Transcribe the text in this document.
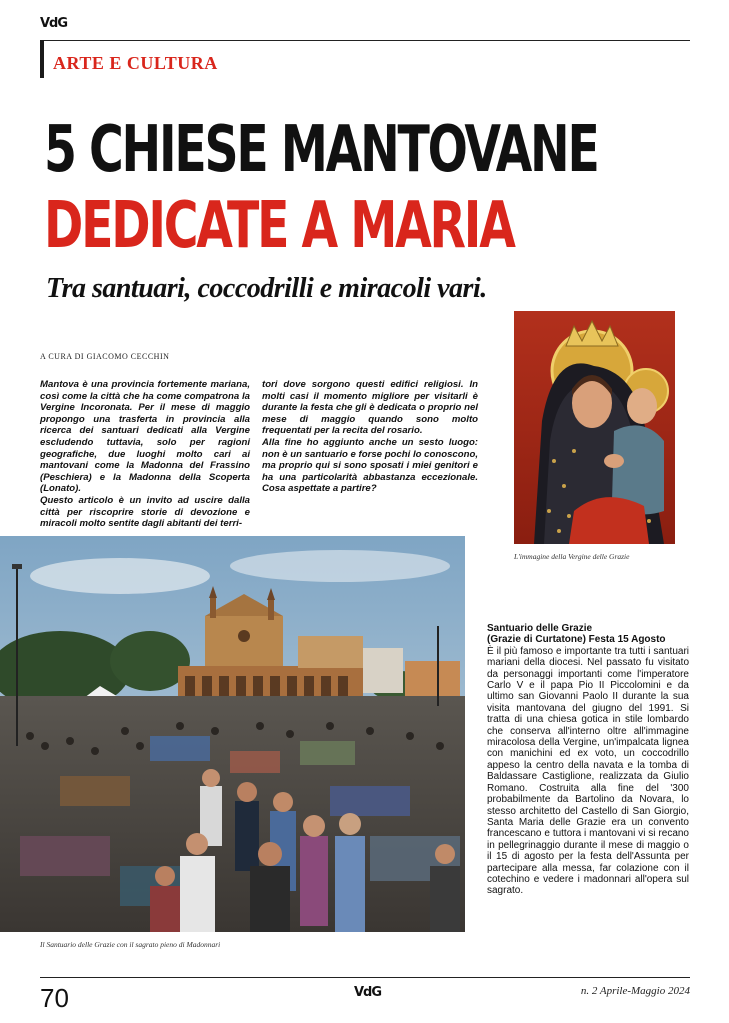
VdG
ARTE E CULTURA
5 CHIESE MANTOVANE
DEDICATE A MARIA
Tra santuari, coccodrilli e miracoli vari.
A CURA DI GIACOMO CECCHIN

Mantova è una provincia fortemente mariana, così come la città che ha come compatrona la Vergine Incoronata. Per il mese di maggio propongo una trasferta in provincia alla ricerca dei santuari dedicati alla Vergine escludendo tuttavia, solo per ragioni geografiche, due luoghi molto cari ai mantovani come la Madonna del Frassino (Peschiera) e la Madonna della Scoperta (Lonato).

Questo articolo è un invito ad uscire dalla città per riscoprire storie di devozione e miracoli molto sentite dagli abitanti dei terri-

tori dove sorgono questi edifici religiosi. In molti casi il momento migliore per visitarli è durante la festa che gli è dedicata o proprio nel mese di maggio quando sono molto frequentati per la recita del rosario.

Alla fine ho aggiunto anche un sesto luogo: non è un santuario e forse pochi lo conoscono, ma proprio qui si sono sposati i miei genitori e ha una particolarità abbastanza eccezionale. Cosa aspettate a partire?

L'immagine della Vergine delle Grazie
Il Santuario delle Grazie con il sagrato pieno di Madonnari
Santuario delle Grazie
(Grazie di Curtatone) Festa 15 Agosto
È il più famoso e importante tra tutti i santuari mariani della diocesi. Nel passato fu visitato da personaggi importanti come l'imperatore Carlo V e il papa Pio II Piccolomini e da ultimo san Giovanni Paolo II durante la sua visita mantovana del giugno del 1991. Si tratta di una chiesa gotica in stile lombardo che conserva all'interno oltre all'immagine miracolosa della Vergine, un'impalcata lignea con manichini ed ex voto, un coccodrillo appeso la centro della navata e la tomba di Baldassare Castiglione, realizzata da Giulio Romano. Costruita alla fine del '300 probabilmente da Bartolino da Novara, lo stesso architetto del Castello di San Giorgio, Santa Maria delle Grazie era un convento francescano e tuttora i mantovani vi si recano in pellegrinaggio durante il mese di maggio o il 15 di agosto per la festa dell'Assunta per partecipare alla messa, far colazione con il cotechino e vedere i madonnari all'opera sul sagrato.
70	VdG	n. 2 Aprile-Maggio 2024
